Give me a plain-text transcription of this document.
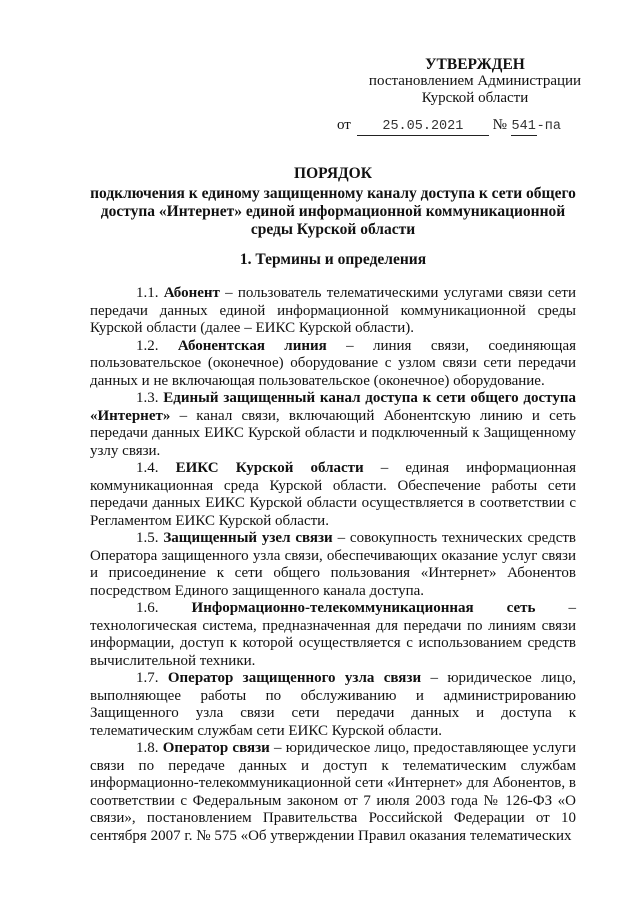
УТВЕРЖДЕН
постановлением Администрации
Курской области
от 25.05.2021 № 541-па
ПОРЯДОК
подключения к единому защищенному каналу доступа к сети общего доступа «Интернет» единой информационной коммуникационной среды Курской области
1. Термины и определения

1.1. Абонент – пользователь телематическими услугами связи сети передачи данных единой информационной коммуникационной среды Курской области (далее – ЕИКС Курской области).

1.2. Абонентская линия – линия связи, соединяющая пользовательское (оконечное) оборудование с узлом связи сети передачи данных и не включающая пользовательское (оконечное) оборудование.

1.3. Единый защищенный канал доступа к сети общего доступа «Интернет» – канал связи, включающий Абонентскую линию и сеть передачи данных ЕИКС Курской области и подключенный к Защищенному узлу связи.

1.4. ЕИКС Курской области – единая информационная коммуникационная среда Курской области. Обеспечение работы сети передачи данных ЕИКС Курской области осуществляется в соответствии с Регламентом ЕИКС Курской области.

1.5. Защищенный узел связи – совокупность технических средств Оператора защищенного узла связи, обеспечивающих оказание услуг связи и присоединение к сети общего пользования «Интернет» Абонентов посредством Единого защищенного канала доступа.

1.6. Информационно-телекоммуникационная сеть – технологическая система, предназначенная для передачи по линиям связи информации, доступ к которой осуществляется с использованием средств вычислительной техники.

1.7. Оператор защищенного узла связи – юридическое лицо, выполняющее работы по обслуживанию и администрированию Защищенного узла связи сети передачи данных и доступа к телематическим службам сети ЕИКС Курской области.

1.8. Оператор связи – юридическое лицо, предоставляющее услуги связи по передаче данных и доступ к телематическим службам информационно-телекоммуникационной сети «Интернет» для Абонентов, в соответствии с Федеральным законом от 7 июля 2003 года № 126-ФЗ «О связи», постановлением Правительства Российской Федерации от 10 сентября 2007 г. № 575 «Об утверждении Правил оказания телематических
